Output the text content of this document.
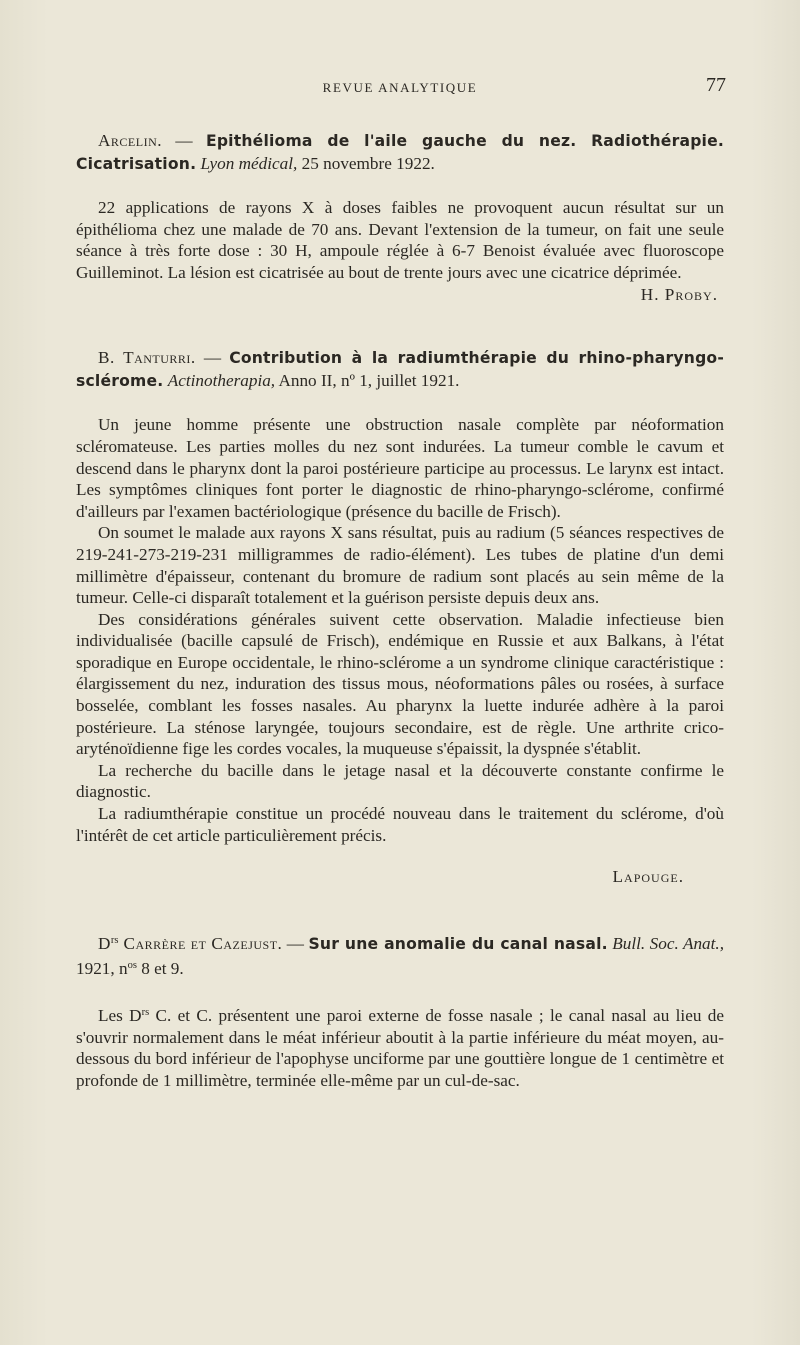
REVUE ANALYTIQUE	77

Arcelin. — Epithélioma de l'aile gauche du nez. Radiothérapie. Cicatrisation. Lyon médical, 25 novembre 1922.

22 applications de rayons X à doses faibles ne provoquent aucun résultat sur un épithélioma chez une malade de 70 ans. Devant l'extension de la tumeur, on fait une seule séance à très forte dose : 30 H, ampoule réglée à 6-7 Benoist évaluée avec fluoroscope Guilleminot. La lésion est cicatrisée au bout de trente jours avec une cicatrice déprimée.

H. Proby.

B. Tanturri. — Contribution à la radiumthérapie du rhino-pharyngo-sclérome. Actinotherapia, Anno II, nº 1, juillet 1921.

Un jeune homme présente une obstruction nasale complète par néoformation scléromateuse. Les parties molles du nez sont indurées. La tumeur comble le cavum et descend dans le pharynx dont la paroi postérieure participe au processus. Le larynx est intact. Les symptômes cliniques font porter le diagnostic de rhino-pharyngo-sclérome, confirmé d'ailleurs par l'examen bactériologique (présence du bacille de Frisch).

On soumet le malade aux rayons X sans résultat, puis au radium (5 séances respectives de 219-241-273-219-231 milligrammes de radio-élément). Les tubes de platine d'un demi millimètre d'épaisseur, contenant du bromure de radium sont placés au sein même de la tumeur. Celle-ci disparaît totalement et la guérison persiste depuis deux ans.

Des considérations générales suivent cette observation. Maladie infectieuse bien individualisée (bacille capsulé de Frisch), endémique en Russie et aux Balkans, à l'état sporadique en Europe occidentale, le rhino-sclérome a un syndrome clinique caractéristique : élargissement du nez, induration des tissus mous, néoformations pâles ou rosées, à surface bosselée, comblant les fosses nasales. Au pharynx la luette indurée adhère à la paroi postérieure. La sténose laryngée, toujours secondaire, est de règle. Une arthrite crico-aryténoïdienne fige les cordes vocales, la muqueuse s'épaissit, la dyspnée s'établit.

La recherche du bacille dans le jetage nasal et la découverte constante confirme le diagnostic.

La radiumthérapie constitue un procédé nouveau dans le traitement du sclérome, d'où l'intérêt de cet article particulièrement précis.

Lapouge.

$D^{rs}$ Carrère et Cazejust. — Sur une anomalie du canal nasal. Bull. Soc. Anat., 1921, $n^{os}$ 8 et 9.

Les $D^{rs}$ C. et C. présentent une paroi externe de fosse nasale ; le canal nasal au lieu de s'ouvrir normalement dans le méat inférieur aboutit à la partie inférieure du méat moyen, au-dessous du bord inférieur de l'apophyse unciforme par une gouttière longue de 1 centimètre et profonde de 1 millimètre, terminée elle-même par un cul-de-sac.
